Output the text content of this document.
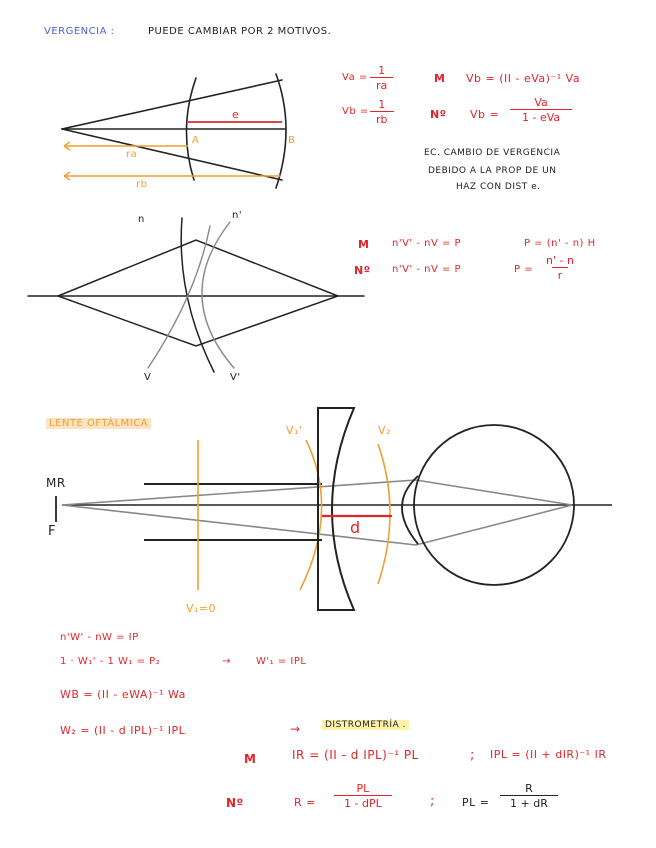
VERGENCIA :	PUEDE CAMBIAR POR 2 MOTIVOS.
e
A	B
ra
rb
$Va = \frac{1}{ra}$
$Vb = \frac{1}{rb}$
M Vb = (II - eVa)⁻¹ Va
Nº Vb =
Va
1 - eVa
EC. CAMBIO DE VERGENCIA
DEBIDO A LA PROP DE UN
HAZ CON DIST e.
n	n'
V	V'
M n'V' - nV = P	P = (n' - n) H
Nº n'V' - nV = P	$P = \frac{n' - n}{r}$
LENTE OFTÁLMICA
V₁'	V₂
MR
F	d
V₁=0
n'W' - nW = IP
1 · W₁' - 1 W₁ = P₂	→	W'₁ = IPL
WB = (II - eWA)⁻¹ Wa
W₂ = (II - d IPL)⁻¹ IPL	→	DISTROMETRÍA .
M	IR = (II - d IPL)⁻¹ PL	; IPL = (II + dIR)⁻¹ IR
Nº	R =
PL
1 - dPL	; PL = $\frac{R}{1 + dR}$
